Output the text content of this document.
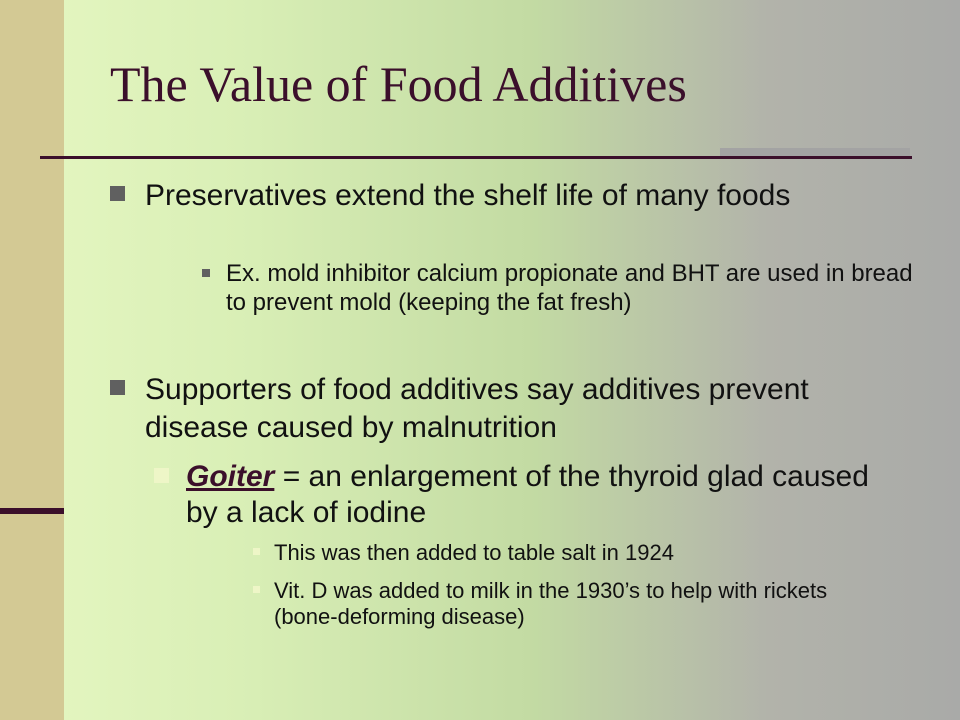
The Value of Food Additives
Preservatives extend the shelf life of many foods
Ex. mold inhibitor calcium propionate and BHT are used in bread to prevent mold (keeping the fat fresh)
Supporters of food additives say additives prevent disease caused by malnutrition
Goiter = an enlargement of the thyroid glad caused by a lack of iodine
This was then added to table salt in 1924
Vit. D was added to milk in the 1930’s to help with rickets (bone-deforming disease)
